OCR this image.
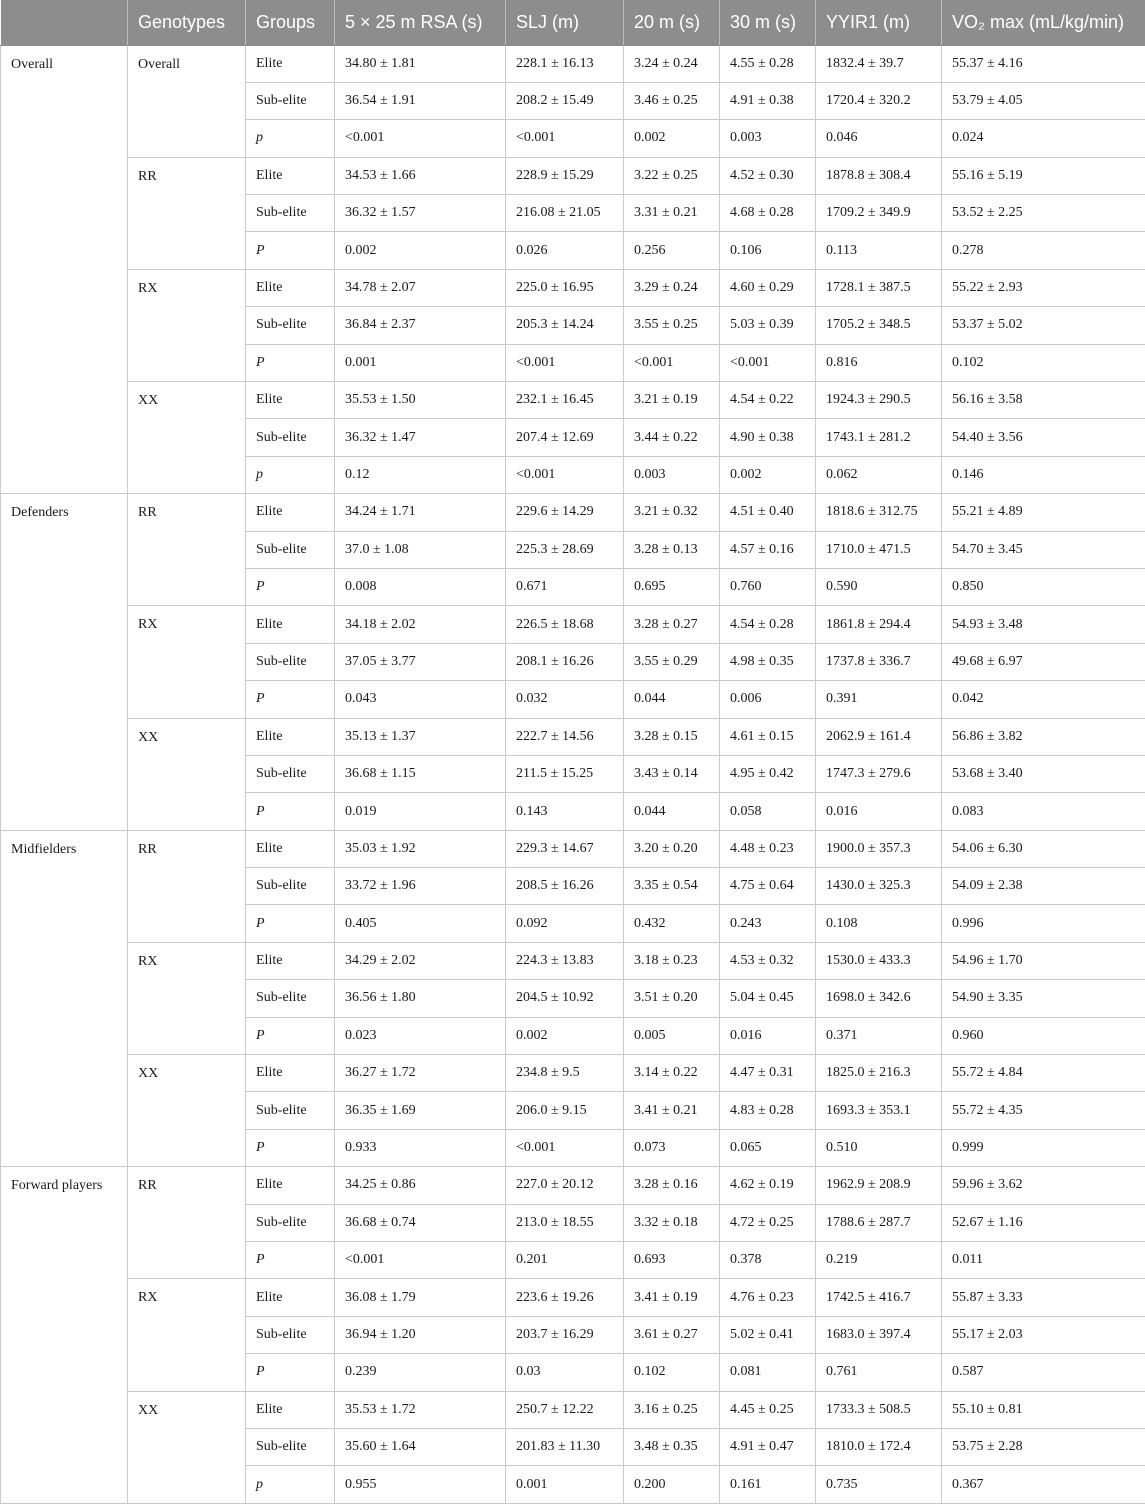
	Genotypes	Groups	5 × 25 m RSA (s)	SLJ (m)	20 m (s)	30 m (s)	YYIR1 (m)	VO₂ max (mL/kg/min)
Overall	Overall	Elite	34.80 ± 1.81	228.1 ± 16.13	3.24 ± 0.24	4.55 ± 0.28	1832.4 ± 39.7	55.37 ± 4.16
		Sub-elite	36.54 ± 1.91	208.2 ± 15.49	3.46 ± 0.25	4.91 ± 0.38	1720.4 ± 320.2	53.79 ± 4.05
		p	<0.001	<0.001	0.002	0.003	0.046	0.024
	RR	Elite	34.53 ± 1.66	228.9 ± 15.29	3.22 ± 0.25	4.52 ± 0.30	1878.8 ± 308.4	55.16 ± 5.19
		Sub-elite	36.32 ± 1.57	216.08 ± 21.05	3.31 ± 0.21	4.68 ± 0.28	1709.2 ± 349.9	53.52 ± 2.25
		P	0.002	0.026	0.256	0.106	0.113	0.278
	RX	Elite	34.78 ± 2.07	225.0 ± 16.95	3.29 ± 0.24	4.60 ± 0.29	1728.1 ± 387.5	55.22 ± 2.93
		Sub-elite	36.84 ± 2.37	205.3 ± 14.24	3.55 ± 0.25	5.03 ± 0.39	1705.2 ± 348.5	53.37 ± 5.02
		P	0.001	<0.001	<0.001	<0.001	0.816	0.102
	XX	Elite	35.53 ± 1.50	232.1 ± 16.45	3.21 ± 0.19	4.54 ± 0.22	1924.3 ± 290.5	56.16 ± 3.58
		Sub-elite	36.32 ± 1.47	207.4 ± 12.69	3.44 ± 0.22	4.90 ± 0.38	1743.1 ± 281.2	54.40 ± 3.56
		p	0.12	<0.001	0.003	0.002	0.062	0.146
Defenders	RR	Elite	34.24 ± 1.71	229.6 ± 14.29	3.21 ± 0.32	4.51 ± 0.40	1818.6 ± 312.75	55.21 ± 4.89
		Sub-elite	37.0 ± 1.08	225.3 ± 28.69	3.28 ± 0.13	4.57 ± 0.16	1710.0 ± 471.5	54.70 ± 3.45
		P	0.008	0.671	0.695	0.760	0.590	0.850
	RX	Elite	34.18 ± 2.02	226.5 ± 18.68	3.28 ± 0.27	4.54 ± 0.28	1861.8 ± 294.4	54.93 ± 3.48
		Sub-elite	37.05 ± 3.77	208.1 ± 16.26	3.55 ± 0.29	4.98 ± 0.35	1737.8 ± 336.7	49.68 ± 6.97
		P	0.043	0.032	0.044	0.006	0.391	0.042
	XX	Elite	35.13 ± 1.37	222.7 ± 14.56	3.28 ± 0.15	4.61 ± 0.15	2062.9 ± 161.4	56.86 ± 3.82
		Sub-elite	36.68 ± 1.15	211.5 ± 15.25	3.43 ± 0.14	4.95 ± 0.42	1747.3 ± 279.6	53.68 ± 3.40
		P	0.019	0.143	0.044	0.058	0.016	0.083
Midfielders	RR	Elite	35.03 ± 1.92	229.3 ± 14.67	3.20 ± 0.20	4.48 ± 0.23	1900.0 ± 357.3	54.06 ± 6.30
		Sub-elite	33.72 ± 1.96	208.5 ± 16.26	3.35 ± 0.54	4.75 ± 0.64	1430.0 ± 325.3	54.09 ± 2.38
		P	0.405	0.092	0.432	0.243	0.108	0.996
	RX	Elite	34.29 ± 2.02	224.3 ± 13.83	3.18 ± 0.23	4.53 ± 0.32	1530.0 ± 433.3	54.96 ± 1.70
		Sub-elite	36.56 ± 1.80	204.5 ± 10.92	3.51 ± 0.20	5.04 ± 0.45	1698.0 ± 342.6	54.90 ± 3.35
		P	0.023	0.002	0.005	0.016	0.371	0.960
	XX	Elite	36.27 ± 1.72	234.8 ± 9.5	3.14 ± 0.22	4.47 ± 0.31	1825.0 ± 216.3	55.72 ± 4.84
		Sub-elite	36.35 ± 1.69	206.0 ± 9.15	3.41 ± 0.21	4.83 ± 0.28	1693.3 ± 353.1	55.72 ± 4.35
		P	0.933	<0.001	0.073	0.065	0.510	0.999
Forward players	RR	Elite	34.25 ± 0.86	227.0 ± 20.12	3.28 ± 0.16	4.62 ± 0.19	1962.9 ± 208.9	59.96 ± 3.62
		Sub-elite	36.68 ± 0.74	213.0 ± 18.55	3.32 ± 0.18	4.72 ± 0.25	1788.6 ± 287.7	52.67 ± 1.16
		P	<0.001	0.201	0.693	0.378	0.219	0.011
	RX	Elite	36.08 ± 1.79	223.6 ± 19.26	3.41 ± 0.19	4.76 ± 0.23	1742.5 ± 416.7	55.87 ± 3.33
		Sub-elite	36.94 ± 1.20	203.7 ± 16.29	3.61 ± 0.27	5.02 ± 0.41	1683.0 ± 397.4	55.17 ± 2.03
		P	0.239	0.03	0.102	0.081	0.761	0.587
	XX	Elite	35.53 ± 1.72	250.7 ± 12.22	3.16 ± 0.25	4.45 ± 0.25	1733.3 ± 508.5	55.10 ± 0.81
		Sub-elite	35.60 ± 1.64	201.83 ± 11.30	3.48 ± 0.35	4.91 ± 0.47	1810.0 ± 172.4	53.75 ± 2.28
		p	0.955	0.001	0.200	0.161	0.735	0.367
